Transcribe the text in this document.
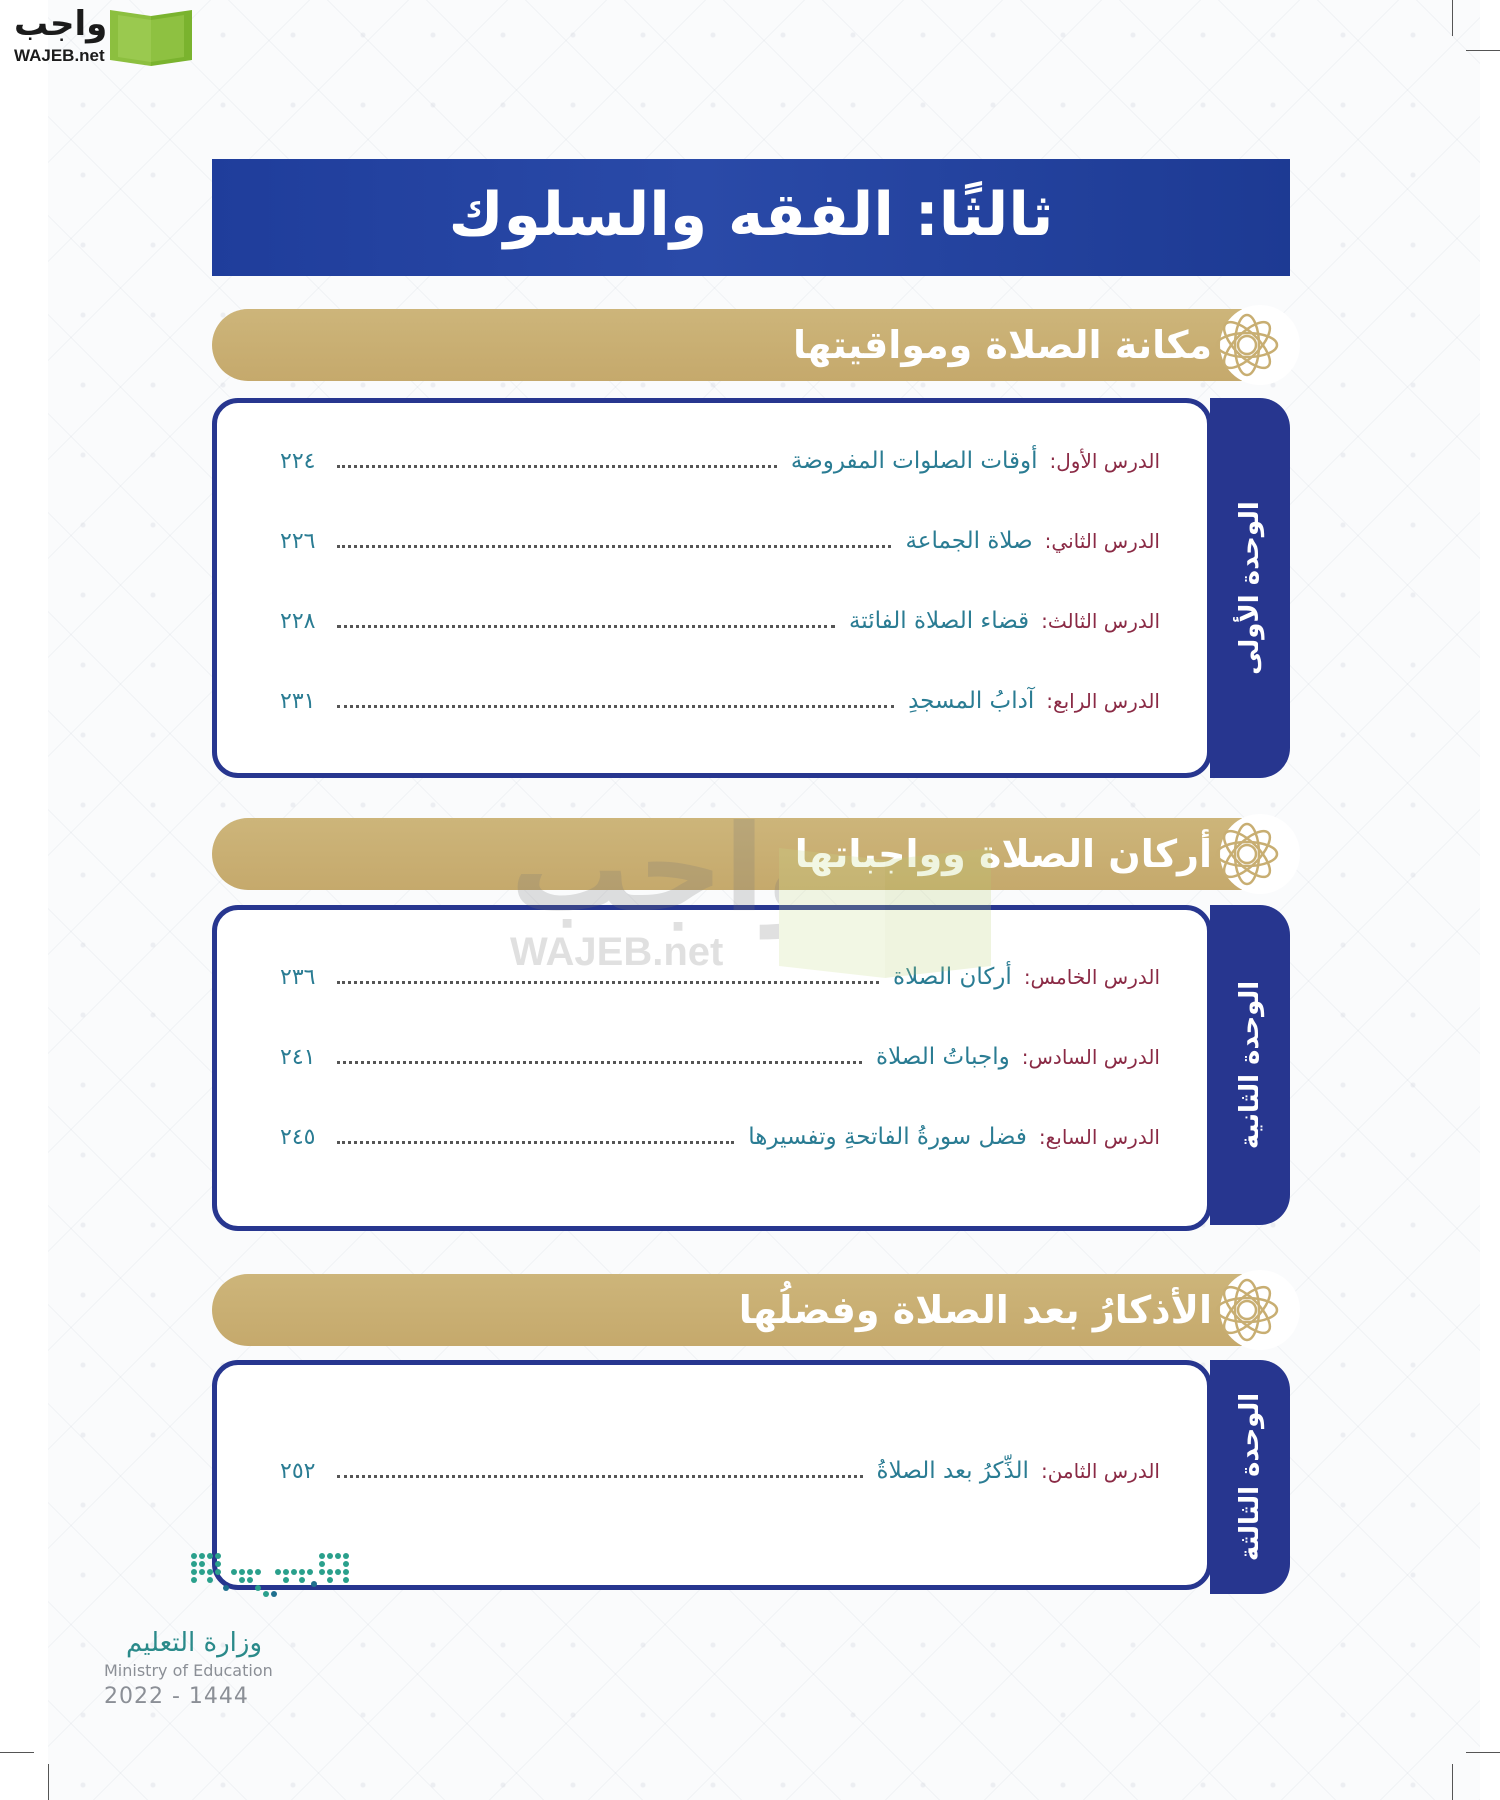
واجب
WAJEB.net
ثالثًا: الفقه والسلوك
مكانة الصلاة ومواقيتها
الوحدة الأولى
الدرس الأول:
أوقات الصلوات المفروضة
٢٢٤
الدرس الثاني:
صلاة الجماعة
٢٢٦
الدرس الثالث:
قضاء الصلاة الفائتة
٢٢٨
الدرس الرابع:
آدابُ المسجدِ
٢٣١
أركان الصلاة وواجباتها
الوحدة الثانية
الدرس الخامس:
أركان الصلاة
٢٣٦
الدرس السادس:
واجباتُ الصلاة
٢٤١
الدرس السابع:
فضل سورةُ الفاتحةِ وتفسيرها
٢٤٥
الأذكارُ بعد الصلاة وفضلُها
الوحدة الثالثة
الدرس الثامن:
الذِّكرُ بعد الصلاةُ
٢٥٢
واجب
WAJEB.net
وزارة التعليم
Ministry of Education
2022 - 1444
